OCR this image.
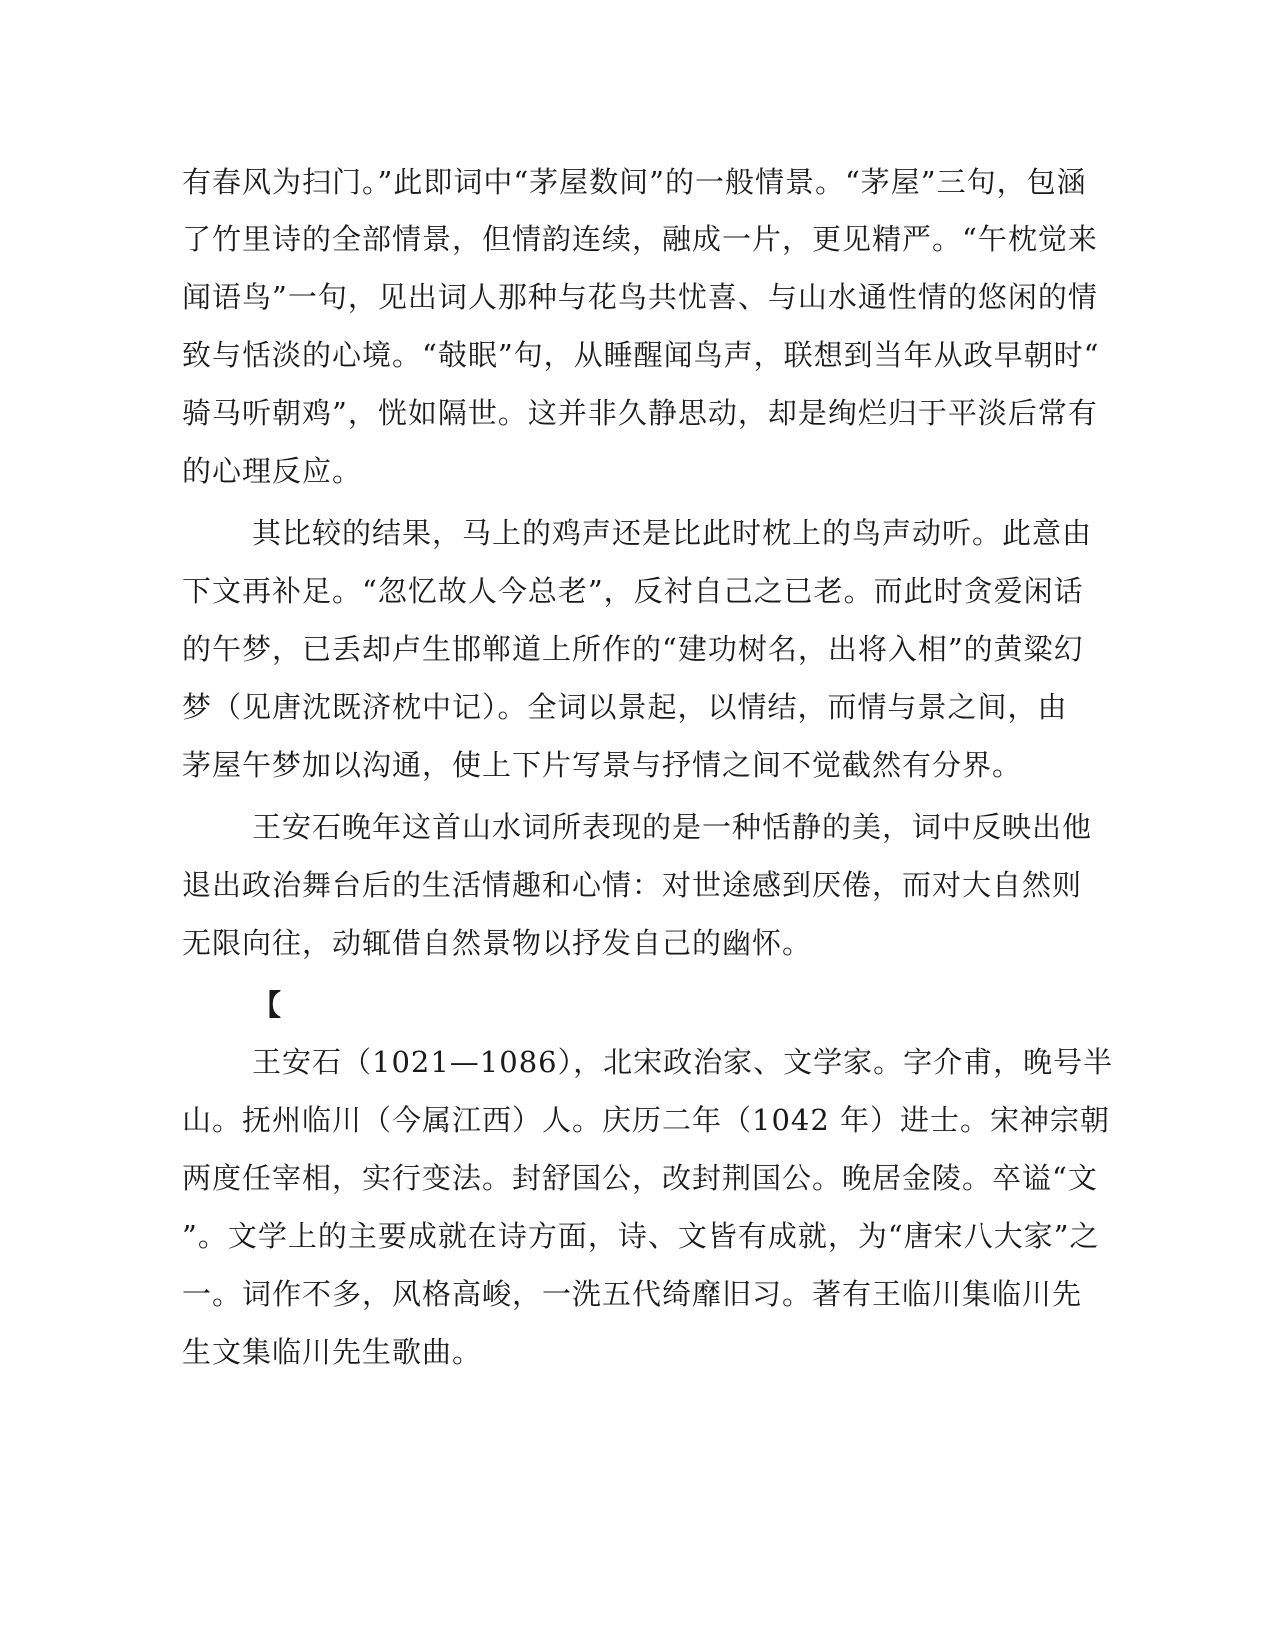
有春风为扫门。”此即词中“茅屋数间”的一般情景。“茅屋”三句，包涵
了竹里诗的全部情景，但情韵连续，融成一片，更见精严。“午枕觉来
闻语鸟”一句，见出词人那种与花鸟共忧喜、与山水通性情的悠闲的情
致与恬淡的心境。“攲眠”句，从睡醒闻鸟声，联想到当年从政早朝时“
骑马听朝鸡”，恍如隔世。这并非久静思动，却是绚烂归于平淡后常有
的心理反应。
其比较的结果，马上的鸡声还是比此时枕上的鸟声动听。此意由
下文再补足。“忽忆故人今总老”，反衬自己之已老。而此时贪爱闲话
的午梦，已丢却卢生邯郸道上所作的“建功树名，出将入相”的黄粱幻
梦（见唐沈既济枕中记）。全词以景起，以情结，而情与景之间，由
茅屋午梦加以沟通，使上下片写景与抒情之间不觉截然有分界。
王安石晚年这首山水词所表现的是一种恬静的美，词中反映出他
退出政治舞台后的生活情趣和心情：对世途感到厌倦，而对大自然则
无限向往，动辄借自然景物以抒发自己的幽怀。
【
王安石（1021—1086），北宋政治家、文学家。字介甫，晚号半
山。抚州临川（今属江西）人。庆历二年（1042 年）进士。宋神宗朝
两度任宰相，实行变法。封舒国公，改封荆国公。晚居金陵。卒谥“文
”。文学上的主要成就在诗方面，诗、文皆有成就，为“唐宋八大家”之
一。词作不多，风格高峻，一洗五代绮靡旧习。著有王临川集临川先
生文集临川先生歌曲。
